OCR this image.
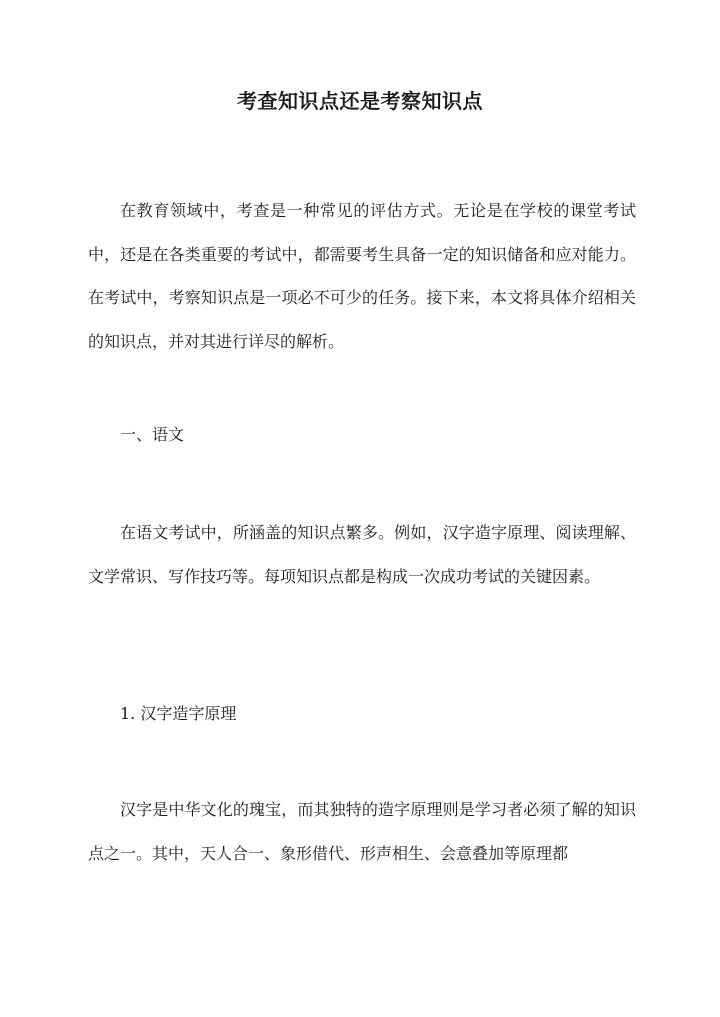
考查知识点还是考察知识点

在教育领域中，考查是一种常见的评估方式。无论是在学校的课堂考试中，还是在各类重要的考试中，都需要考生具备一定的知识储备和应对能力。在考试中，考察知识点是一项必不可少的任务。接下来，本文将具体介绍相关的知识点，并对其进行详尽的解析。

一、语文

在语文考试中，所涵盖的知识点繁多。例如，汉字造字原理、阅读理解、文学常识、写作技巧等。每项知识点都是构成一次成功考试的关键因素。

1. 汉字造字原理

汉字是中华文化的瑰宝，而其独特的造字原理则是学习者必须了解的知识点之一。其中，天人合一、象形借代、形声相生、会意叠加等原理都
